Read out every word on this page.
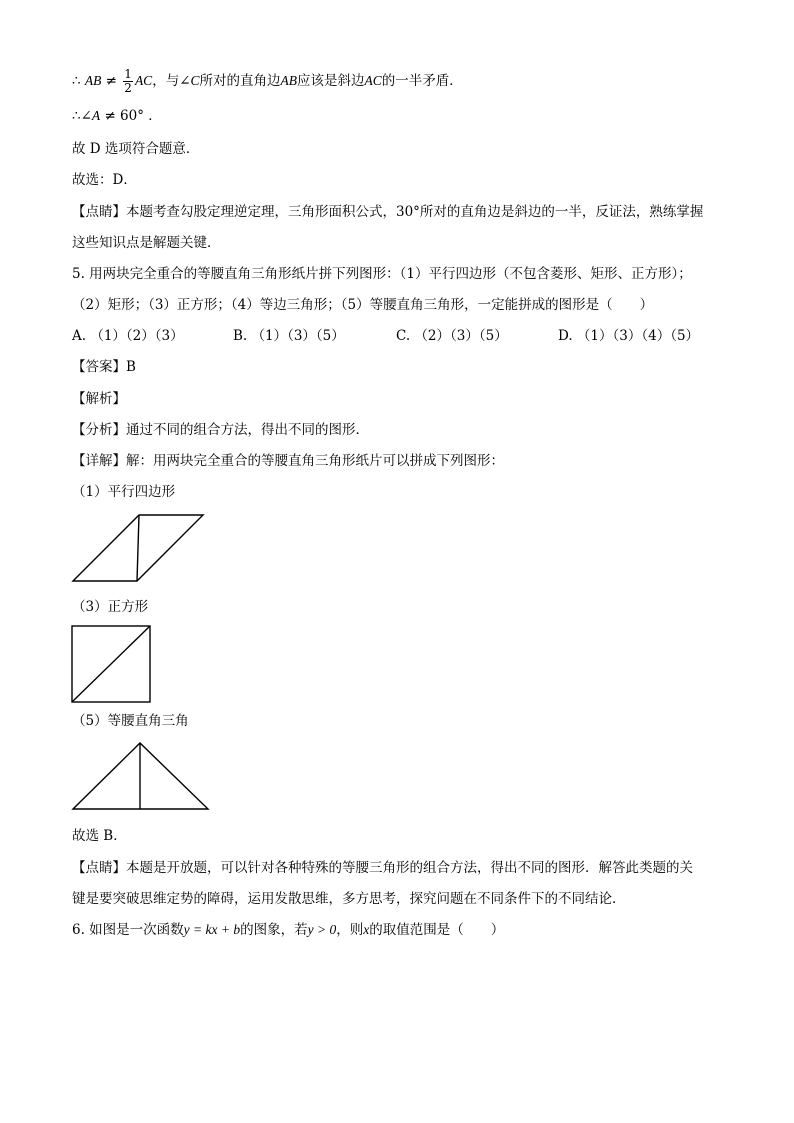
∴ AB ≠ $\frac{1}{2}$ AC，与∠C所对的直角边AB应该是斜边AC的一半矛盾．
∴∠A ≠ 60° ．
故 D 选项符合题意．
故选：D．
【点睛】本题考查勾股定理逆定理，三角形面积公式，30°所对的直角边是斜边的一半，反证法，熟练掌握
这些知识点是解题关键．
5. 用两块完全重合的等腰直角三角形纸片拼下列图形：（1）平行四边形（不包含菱形、矩形、正方形）；
（2）矩形；（3）正方形；（4）等边三角形；（5）等腰直角三角形，一定能拼成的图形是（　　）
A. （1）（2）（3）	B. （1）（3）（5）	C. （2）（3）（5）	D. （1）（3）（4）（5）
【答案】B
【解析】
【分析】通过不同的组合方法，得出不同的图形．
【详解】解：用两块完全重合的等腰直角三角形纸片可以拼成下列图形：
（1）平行四边形
（3）正方形
（5）等腰直角三角
故选 B．
【点睛】本题是开放题，可以针对各种特殊的等腰三角形的组合方法，得出不同的图形．解答此类题的关
键是要突破思维定势的障碍，运用发散思维，多方思考，探究问题在不同条件下的不同结论．
6. 如图是一次函数y = kx + b的图象，若y > 0，则x的取值范围是（　　）
